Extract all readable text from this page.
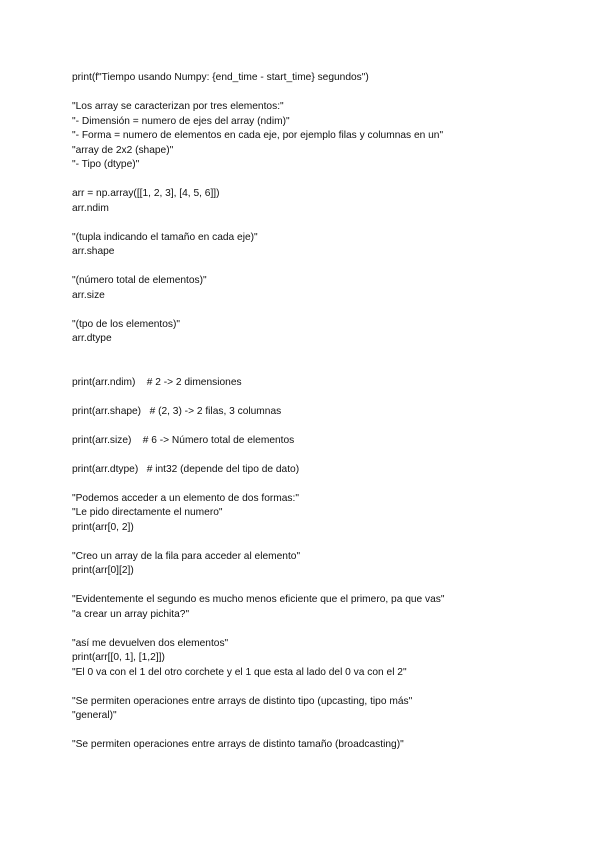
print(f"Tiempo usando Numpy: {end_time - start_time} segundos")
"Los array se caracterizan por tres elementos:"
"- Dimensión = numero de ejes del array (ndim)"
"- Forma = numero de elementos en cada eje, por ejemplo filas y columnas en un"
"array de 2x2 (shape)"
"- Tipo (dtype)"
arr = np.array([[1, 2, 3], [4, 5, 6]])
arr.ndim
"(tupla indicando el tamaño en cada eje)"
arr.shape
"(número total de elementos)"
arr.size
"(tpo de los elementos)"
arr.dtype
print(arr.ndim)    # 2 -> 2 dimensiones
print(arr.shape)   # (2, 3) -> 2 filas, 3 columnas
print(arr.size)    # 6 -> Número total de elementos
print(arr.dtype)   # int32 (depende del tipo de dato)
"Podemos acceder a un elemento de dos formas:"
"Le pido directamente el numero"
print(arr[0, 2])
"Creo un array de la fila para acceder al elemento"
print(arr[0][2])
"Evidentemente el segundo es mucho menos eficiente que el primero, pa que vas"
"a crear un array pichita?"
"así me devuelven dos elementos"
print(arr[[0, 1], [1,2]])
"El 0 va con el 1 del otro corchete y el 1 que esta al lado del 0 va con el 2"
"Se permiten operaciones entre arrays de distinto tipo (upcasting, tipo más"
"general)"
"Se permiten operaciones entre arrays de distinto tamaño (broadcasting)"
